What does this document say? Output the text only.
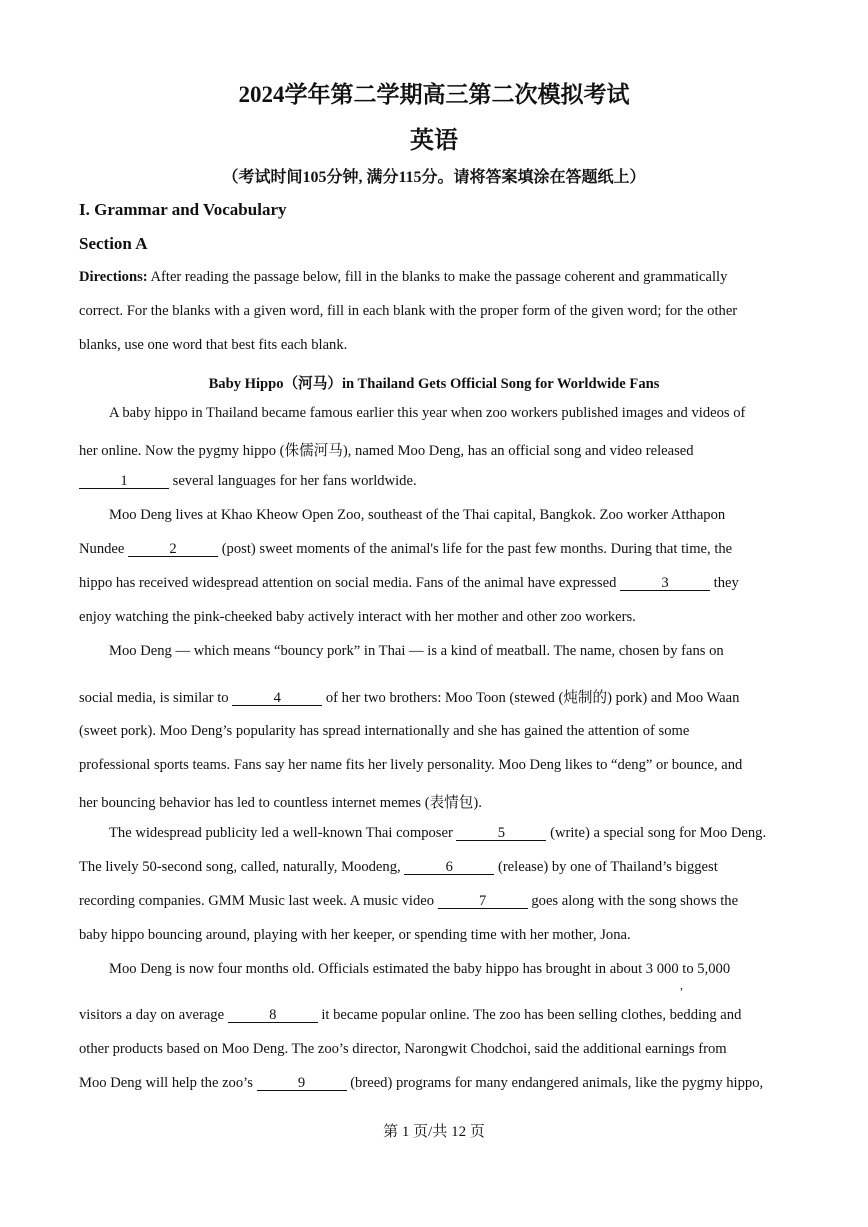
2024学年第二学期高三第二次模拟考试
英语
（考试时间105分钟, 满分115分。请将答案填涂在答题纸上）
I. Grammar and Vocabulary
Section A
Directions: After reading the passage below, fill in the blanks to make the passage coherent and grammatically
correct. For the blanks with a given word, fill in each blank with the proper form of the given word; for the other
blanks, use one word that best fits each blank.
Baby Hippo（河马）in Thailand Gets Official Song for Worldwide Fans
A baby hippo in Thailand became famous earlier this year when zoo workers published images and videos of
her online. Now the pygmy hippo (侏儒河马), named Moo Deng, has an official song and video released
1	several languages for her fans worldwide.
Moo Deng lives at Khao Kheow Open Zoo, southeast of the Thai capital, Bangkok. Zoo worker Atthapon
Nundee	2	(post) sweet moments of the animal's life for the past few months. During that time, the
hippo has received widespread attention on social media. Fans of the animal have expressed	3	they
enjoy watching the pink-cheeked baby actively interact with her mother and other zoo workers.
Moo Deng — which means “bouncy pork” in Thai — is a kind of meatball. The name, chosen by fans on
social media, is similar to	4	of her two brothers: Moo Toon (stewed (炖制的) pork) and Moo Waan
(sweet pork). Moo Deng’s popularity has spread internationally and she has gained the attention of some
professional sports teams. Fans say her name fits her lively personality. Moo Deng likes to “deng” or bounce, and
her bouncing behavior has led to countless internet memes (表情包).
The widespread publicity led a well-known Thai composer	5	(write) a special song for Moo Deng.
The lively 50-second song, called, naturally, Moodeng,	6	(release) by one of Thailand’s biggest
recording companies. GMM Music last week. A music video	7	goes along with the song shows the
baby hippo bouncing around, playing with her keeper, or spending time with her mother, Jona.
Moo Deng is now four months old. Officials estimated the baby hippo has brought in about 3 000 to 5,000
,
visitors a day on average	8	it became popular online. The zoo has been selling clothes, bedding and
other products based on Moo Deng. The zoo’s director, Narongwit Chodchoi, said the additional earnings from
Moo Deng will help the zoo’s	9	(breed) programs for many endangered animals, like the pygmy hippo,
第 1 页/共 12 页
